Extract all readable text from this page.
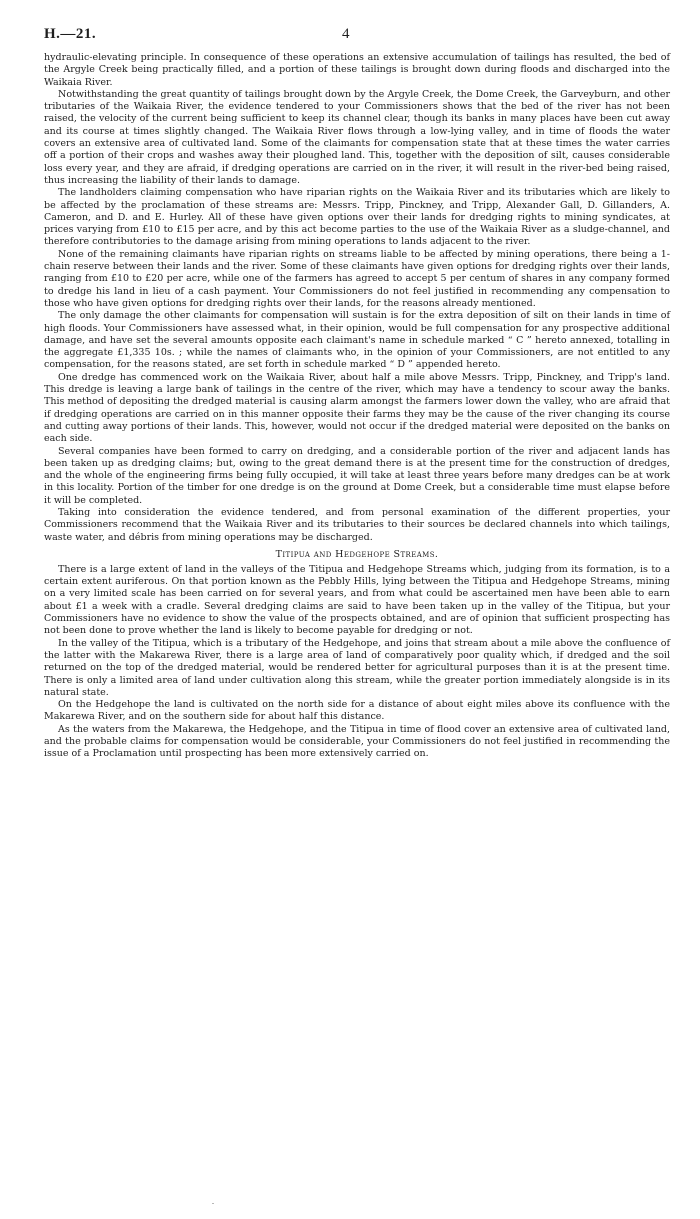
H.—21.	4

hydraulic-elevating principle. In consequence of these operations an extensive accumulation of tailings has resulted, the bed of the Argyle Creek being practically filled, and a portion of these tailings is brought down during floods and discharged into the Waikaia River.

Notwithstanding the great quantity of tailings brought down by the Argyle Creek, the Dome Creek, the Garveyburn, and other tributaries of the Waikaia River, the evidence tendered to your Commissioners shows that the bed of the river has not been raised, the velocity of the current being sufficient to keep its channel clear, though its banks in many places have been cut away and its course at times slightly changed. The Waikaia River flows through a low-lying valley, and in time of floods the water covers an extensive area of cultivated land. Some of the claimants for compensation state that at these times the water carries off a portion of their crops and washes away their ploughed land. This, together with the deposition of silt, causes considerable loss every year, and they are afraid, if dredging operations are carried on in the river, it will result in the river-bed being raised, thus increasing the liability of their lands to damage.

The landholders claiming compensation who have riparian rights on the Waikaia River and its tributaries which are likely to be affected by the proclamation of these streams are: Messrs. Tripp, Pinckney, and Tripp, Alexander Gall, D. Gillanders, A. Cameron, and D. and E. Hurley. All of these have given options over their lands for dredging rights to mining syndicates, at prices varying from £10 to £15 per acre, and by this act become parties to the use of the Waikaia River as a sludge-channel, and therefore contributories to the damage arising from mining operations to lands adjacent to the river.

None of the remaining claimants have riparian rights on streams liable to be affected by mining operations, there being a 1-chain reserve between their lands and the river. Some of these claimants have given options for dredging rights over their lands, ranging from £10 to £20 per acre, while one of the farmers has agreed to accept 5 per centum of shares in any company formed to dredge his land in lieu of a cash payment. Your Commissioners do not feel justified in recommending any compensation to those who have given options for dredging rights over their lands, for the reasons already mentioned.

The only damage the other claimants for compensation will sustain is for the extra deposition of silt on their lands in time of high floods. Your Commissioners have assessed what, in their opinion, would be full compensation for any prospective additional damage, and have set the several amounts opposite each claimant's name in schedule marked “ C ” hereto annexed, totalling in the aggregate £1,335 10s. ; while the names of claimants who, in the opinion of your Commissioners, are not entitled to any compensation, for the reasons stated, are set forth in schedule marked “ D ” appended hereto.

One dredge has commenced work on the Waikaia River, about half a mile above Messrs. Tripp, Pinckney, and Tripp's land. This dredge is leaving a large bank of tailings in the centre of the river, which may have a tendency to scour away the banks. This method of depositing the dredged material is causing alarm amongst the farmers lower down the valley, who are afraid that if dredging operations are carried on in this manner opposite their farms they may be the cause of the river changing its course and cutting away portions of their lands. This, however, would not occur if the dredged material were deposited on the banks on each side.

Several companies have been formed to carry on dredging, and a considerable portion of the river and adjacent lands has been taken up as dredging claims; but, owing to the great demand there is at the present time for the construction of dredges, and the whole of the engineering firms being fully occupied, it will take at least three years before many dredges can be at work in this locality. Portion of the timber for one dredge is on the ground at Dome Creek, but a considerable time must elapse before it will be completed.

Taking into consideration the evidence tendered, and from personal examination of the different properties, your Commissioners recommend that the Waikaia River and its tributaries to their sources be declared channels into which tailings, waste water, and débris from mining operations may be discharged.

Titipua and Hedgehope Streams.

There is a large extent of land in the valleys of the Titipua and Hedgehope Streams which, judging from its formation, is to a certain extent auriferous. On that portion known as the Pebbly Hills, lying between the Titipua and Hedgehope Streams, mining on a very limited scale has been carried on for several years, and from what could be ascertained men have been able to earn about £1 a week with a cradle. Several dredging claims are said to have been taken up in the valley of the Titipua, but your Commissioners have no evidence to show the value of the prospects obtained, and are of opinion that sufficient prospecting has not been done to prove whether the land is likely to become payable for dredging or not.

In the valley of the Titipua, which is a tributary of the Hedgehope, and joins that stream about a mile above the confluence of the latter with the Makarewa River, there is a large area of land of comparatively poor quality which, if dredged and the soil returned on the top of the dredged material, would be rendered better for agricultural purposes than it is at the present time. There is only a limited area of land under cultivation along this stream, while the greater portion immediately alongside is in its natural state.

On the Hedgehope the land is cultivated on the north side for a distance of about eight miles above its confluence with the Makarewa River, and on the southern side for about half this distance.

As the waters from the Makarewa, the Hedgehope, and the Titipua in time of flood cover an extensive area of cultivated land, and the probable claims for compensation would be considerable, your Commissioners do not feel justified in recommending the issue of a Proclamation until prospecting has been more extensively carried on.

.
